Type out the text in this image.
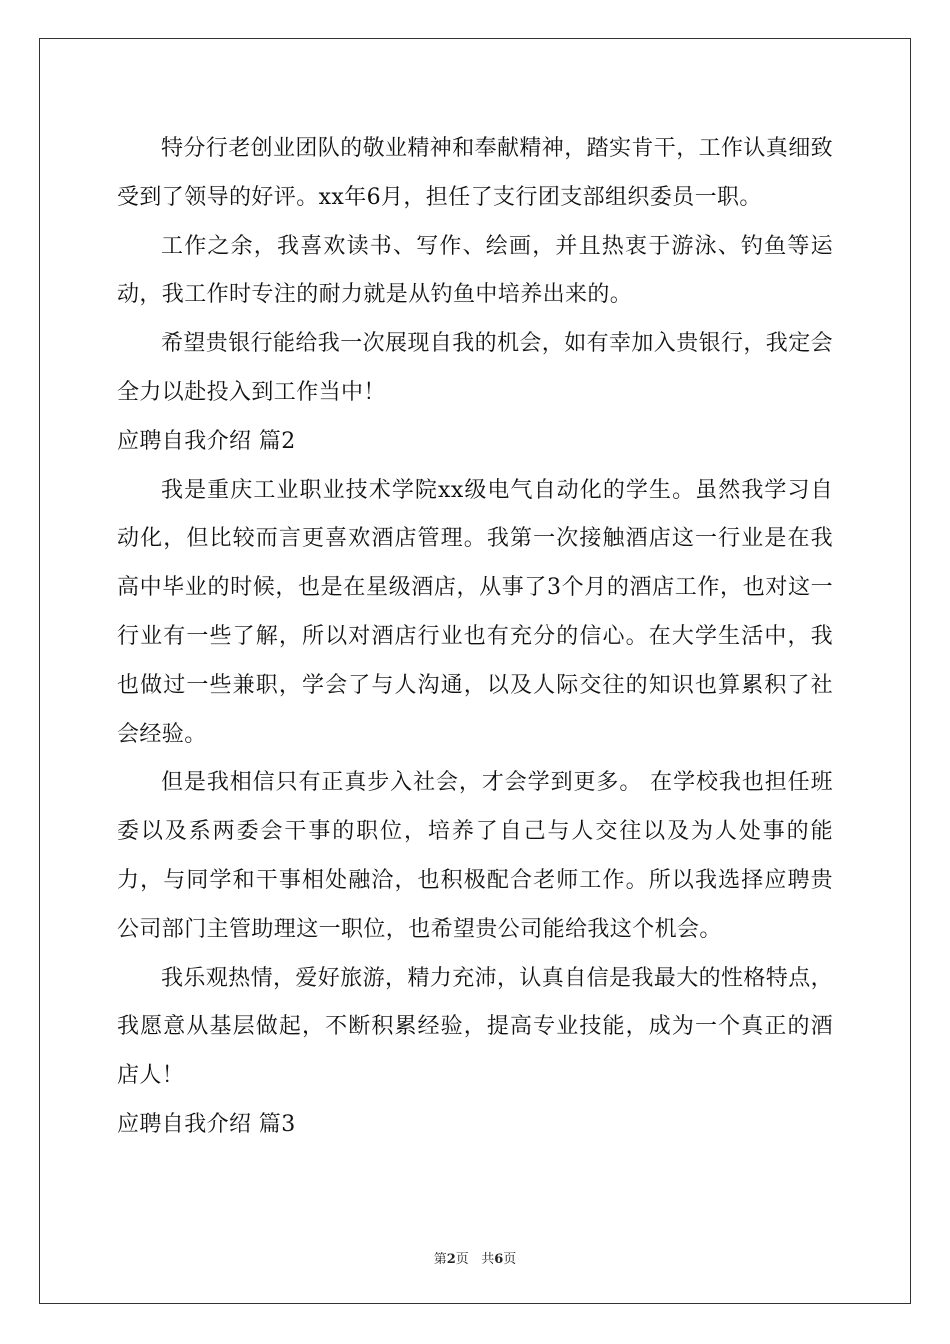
特分行老创业团队的敬业精神和奉献精神，踏实肯干，工作认真细致受到了领导的好评。xx年6月，担任了支行团支部组织委员一职。

工作之余，我喜欢读书、写作、绘画，并且热衷于游泳、钓鱼等运动，我工作时专注的耐力就是从钓鱼中培养出来的。

希望贵银行能给我一次展现自我的机会，如有幸加入贵银行，我定会全力以赴投入到工作当中！

应聘自我介绍 篇2

我是重庆工业职业技术学院xx级电气自动化的学生。虽然我学习自动化，但比较而言更喜欢酒店管理。我第一次接触酒店这一行业是在我高中毕业的时候，也是在星级酒店，从事了3个月的酒店工作，也对这一行业有一些了解，所以对酒店行业也有充分的信心。在大学生活中，我也做过一些兼职，学会了与人沟通，以及人际交往的知识也算累积了社会经验。

但是我相信只有正真步入社会，才会学到更多。 在学校我也担任班委以及系两委会干事的职位，培养了自己与人交往以及为人处事的能力，与同学和干事相处融洽，也积极配合老师工作。所以我选择应聘贵公司部门主管助理这一职位，也希望贵公司能给我这个机会。

我乐观热情，爱好旅游，精力充沛，认真自信是我最大的性格特点，我愿意从基层做起，不断积累经验，提高专业技能，成为一个真正的酒店人！

应聘自我介绍 篇3

第2页 共6页
